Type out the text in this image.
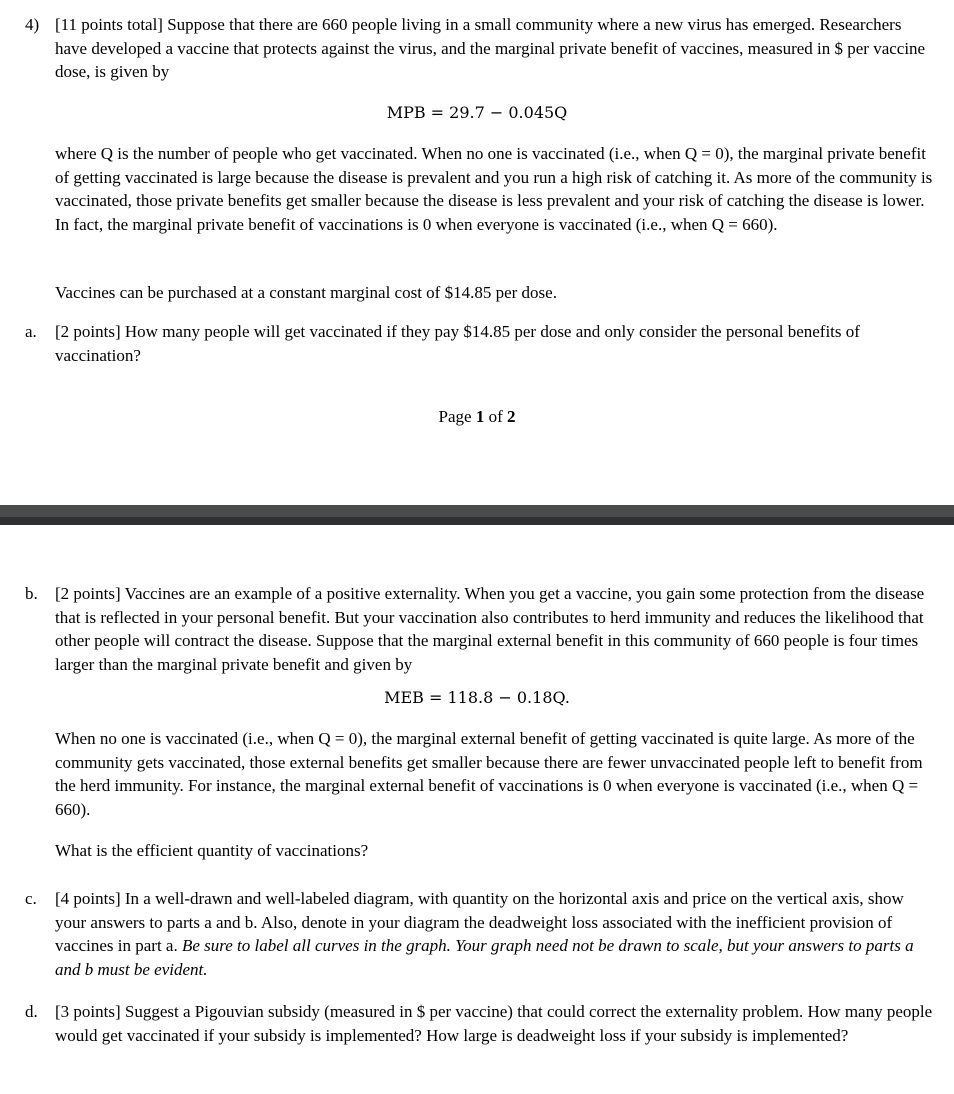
4) [11 points total] Suppose that there are 660 people living in a small community where a new virus has emerged. Researchers have developed a vaccine that protects against the virus, and the marginal private benefit of vaccines, measured in $ per vaccine dose, is given by

MPB = 29.7 − 0.045Q

where Q is the number of people who get vaccinated. When no one is vaccinated (i.e., when Q = 0), the marginal private benefit of getting vaccinated is large because the disease is prevalent and you run a high risk of catching it. As more of the community is vaccinated, those private benefits get smaller because the disease is less prevalent and your risk of catching the disease is lower. In fact, the marginal private benefit of vaccinations is 0 when everyone is vaccinated (i.e., when Q = 660).

Vaccines can be purchased at a constant marginal cost of $14.85 per dose.

a. [2 points] How many people will get vaccinated if they pay $14.85 per dose and only consider the personal benefits of vaccination?

Page 1 of 2
b. [2 points] Vaccines are an example of a positive externality. When you get a vaccine, you gain some protection from the disease that is reflected in your personal benefit. But your vaccination also contributes to herd immunity and reduces the likelihood that other people will contract the disease. Suppose that the marginal external benefit in this community of 660 people is four times larger than the marginal private benefit and given by

MEB = 118.8 − 0.18Q.

When no one is vaccinated (i.e., when Q = 0), the marginal external benefit of getting vaccinated is quite large. As more of the community gets vaccinated, those external benefits get smaller because there are fewer unvaccinated people left to benefit from the herd immunity. For instance, the marginal external benefit of vaccinations is 0 when everyone is vaccinated (i.e., when Q = 660).

What is the efficient quantity of vaccinations?

c. [4 points] In a well-drawn and well-labeled diagram, with quantity on the horizontal axis and price on the vertical axis, show your answers to parts a and b. Also, denote in your diagram the deadweight loss associated with the inefficient provision of vaccines in part a. Be sure to label all curves in the graph. Your graph need not be drawn to scale, but your answers to parts a and b must be evident.

d. [3 points] Suggest a Pigouvian subsidy (measured in $ per vaccine) that could correct the externality problem. How many people would get vaccinated if your subsidy is implemented? How large is deadweight loss if your subsidy is implemented?
